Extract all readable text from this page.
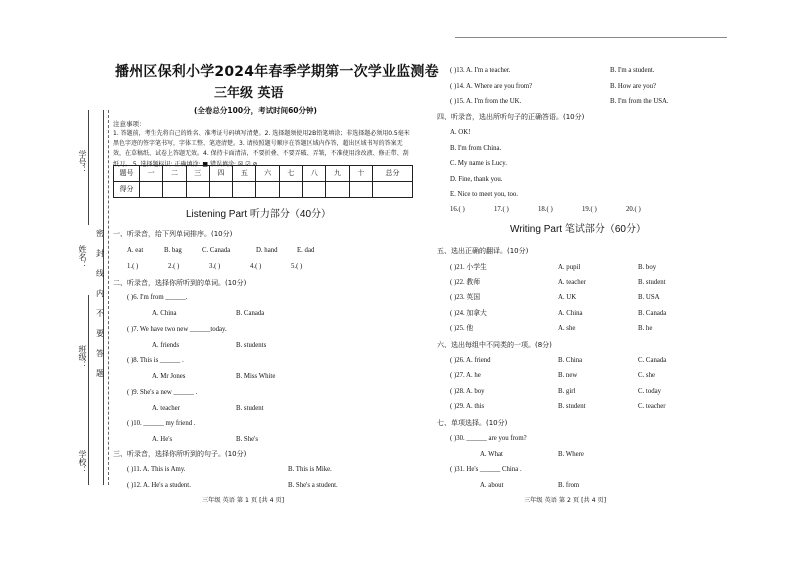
学号：
姓名：
班级：
学校：
密
封
线
内
不
要
答
题
播州区保利小学2024年春季学期第一次学业监测卷
三年级 英语
(全卷总分100分，考试时间60分钟)
注意事项：
1. 答题前，考生先将自己的姓名、准考证号码填写清楚。2. 选择题须使用2B铅笔填涂；非选择题必须用0.5毫米黑色字迹的签字笔书写，字体工整、笔迹清楚。3. 请按照题号顺序在答题区域内作答，超出区域书写的答案无效，在草稿纸、试卷上答题无效。4. 保持卡面清洁，不要折叠、不要弄破、弄皱，不准使用涂改液、修正带、刮纸刀。 5. 选择题标识: 正确填涂: ■ 错误填涂: ☒ ☑ ⊘
题号	一	二	三	四	五	六	七	八	九	十	总分
得分											
Listening Part 听力部分（40分）
一、听录音，给下列单词排序。(10分)
A. eat	B. bag	C. Canada	D. hand	E. dad
1.( )	2.( )	3.( )	4.( )	5.( )
二、听录音，选择你所听到的单词。(10分)
( )6. I'm from ______.
A. China	B. Canada
( )7. We have two new ______today.
A. friends	B. students
( )8. This is ______ .
A. Mr Jones	B. Miss White
( )9. She's a new ______ .
A. teacher	B. student
( )10. ______ my friend .
A. He's	B. She's
三、听录音，选择你所听到的句子。(10分)
( )11. A. This is Amy.	B. This is Mike.
( )12. A. He's a student.	B. She's a student.
三年级 英语 第 1 页 [共 4 页]
( )13. A. I'm a teacher.	B. I'm a student.
( )14. A. Where are you from?	B. How are you?
( )15. A. I'm from the UK.	B. I'm from the USA.
四、听录音，选出所听句子的正确答语。(10分)
A. OK!
B. I'm from China.
C. My name is Lucy.
D. Fine, thank you.
E. Nice to meet you, too.
16.( )	17.( )	18.( )	19.( )	20.( )
Writing Part 笔试部分（60分）
五、选出正确的翻译。(10分)
( )21. 小学生	A. pupil	B. boy
( )22. 教师	A. teacher	B. student
( )23. 英国	A. UK	B. USA
( )24. 加拿大	A. China	B. Canada
( )25. 他	A. she	B. he
六、选出每组中不同类的一项。(8分)
( )26. A. friend	B. China	C. Canada
( )27. A. he	B. new	C. she
( )28. A. boy	B. girl	C. today
( )29. A. this	B. student	C. teacher
七、单项选择。(10分)
( )30. ______ are you from?
A. What	B. Where
( )31. He's ______ China .
A. about	B. from
三年级 英语 第 2 页 [共 4 页]
